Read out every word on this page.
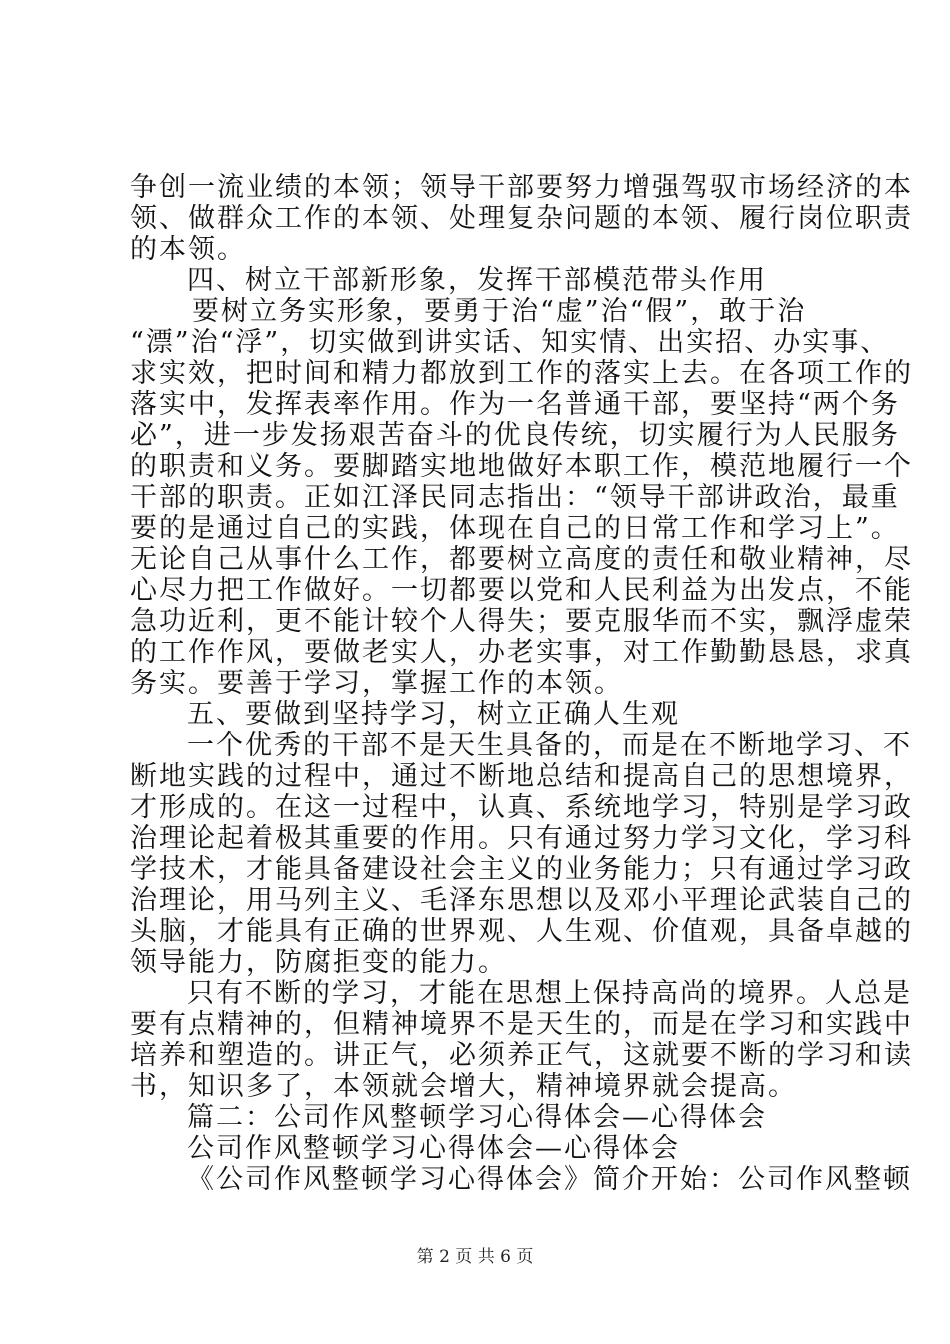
争创一流业绩的本领；领导干部要努力增强驾驭市场经济的本
领、做群众工作的本领、处理复杂问题的本领、履行岗位职责
的本领。
四、树立干部新形象，发挥干部模范带头作用
要树立务实形象，要勇于治“虚”治“假”，敢于治
“漂”治“浮”，切实做到讲实话、知实情、出实招、办实事、
求实效，把时间和精力都放到工作的落实上去。在各项工作的
落实中，发挥表率作用。作为一名普通干部，要坚持“两个务
必”，进一步发扬艰苦奋斗的优良传统，切实履行为人民服务
的职责和义务。要脚踏实地地做好本职工作，模范地履行一个
干部的职责。正如江泽民同志指出：“领导干部讲政治，最重
要的是通过自己的实践，体现在自己的日常工作和学习上”。
无论自己从事什么工作，都要树立高度的责任和敬业精神，尽
心尽力把工作做好。一切都要以党和人民利益为出发点，不能
急功近利，更不能计较个人得失；要克服华而不实，飘浮虚荣
的工作作风，要做老实人，办老实事，对工作勤勤恳恳，求真
务实。要善于学习，掌握工作的本领。
五、要做到坚持学习，树立正确人生观
一个优秀的干部不是天生具备的，而是在不断地学习、不
断地实践的过程中，通过不断地总结和提高自己的思想境界，
才形成的。在这一过程中，认真、系统地学习，特别是学习政
治理论起着极其重要的作用。只有通过努力学习文化，学习科
学技术，才能具备建设社会主义的业务能力；只有通过学习政
治理论，用马列主义、毛泽东思想以及邓小平理论武装自己的
头脑，才能具有正确的世界观、人生观、价值观，具备卓越的
领导能力，防腐拒变的能力。
只有不断的学习，才能在思想上保持高尚的境界。人总是
要有点精神的，但精神境界不是天生的，而是在学习和实践中
培养和塑造的。讲正气，必须养正气，这就要不断的学习和读
书，知识多了，本领就会增大，精神境界就会提高。
篇二：公司作风整顿学习心得体会—心得体会
公司作风整顿学习心得体会—心得体会
《公司作风整顿学习心得体会》简介开始：公司作风整顿
第 2 页 共 6 页
